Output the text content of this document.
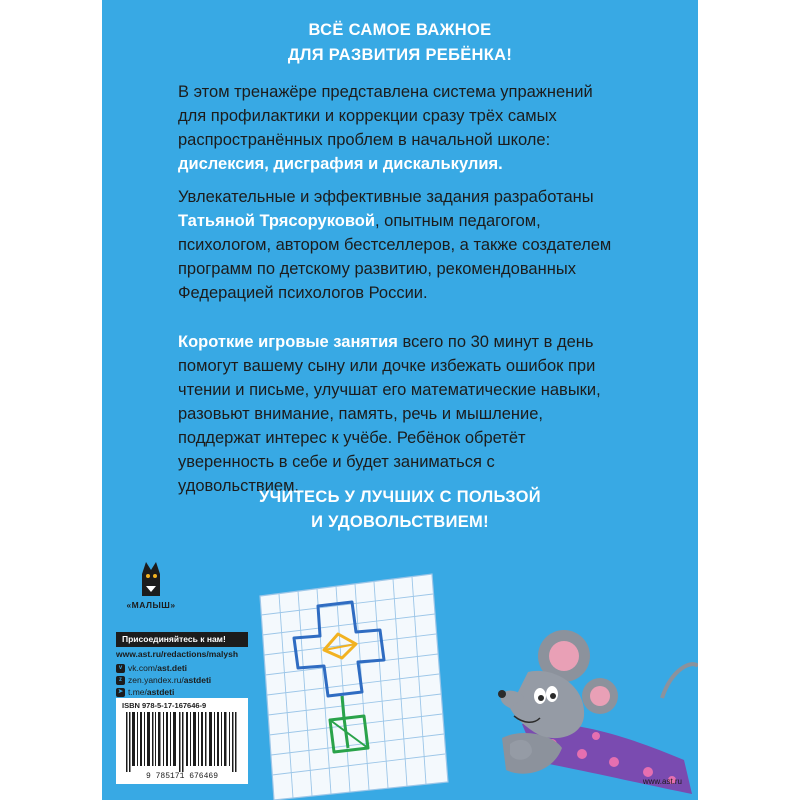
ВСЁ САМОЕ ВАЖНОЕ
ДЛЯ РАЗВИТИЯ РЕБЁНКА!
В этом тренажёре представлена система упражнений для профилактики и коррекции сразу трёх самых распространённых проблем в начальной школе: дислексия, дисграфия и дискалькулия.
Увлекательные и эффективные задания разработаны Татьяной Трясоруковой, опытным педагогом, психологом, автором бестселлеров, а также создателем программ по детскому развитию, рекомендованных Федерацией психологов России.
Короткие игровые занятия всего по 30 минут в день помогут вашему сыну или дочке избежать ошибок при чтении и письме, улучшат его математические навыки, разовьют внимание, память, речь и мышление, поддержат интерес к учёбе. Ребёнок обретёт уверенность в себе и будет заниматься с удовольствием.
УЧИТЕСЬ У ЛУЧШИХ С ПОЛЬЗОЙ
И УДОВОЛЬСТВИЕМ!
«МАЛЫШ»
Присоединяйтесь к нам!
www.ast.ru/redactions/malysh
v vk.com/ast.deti
z zen.yandex.ru/astdeti
➤ t.me/astdeti
ISBN 978-5-17-167646-9
9 785171 676469
www.ast.ru
